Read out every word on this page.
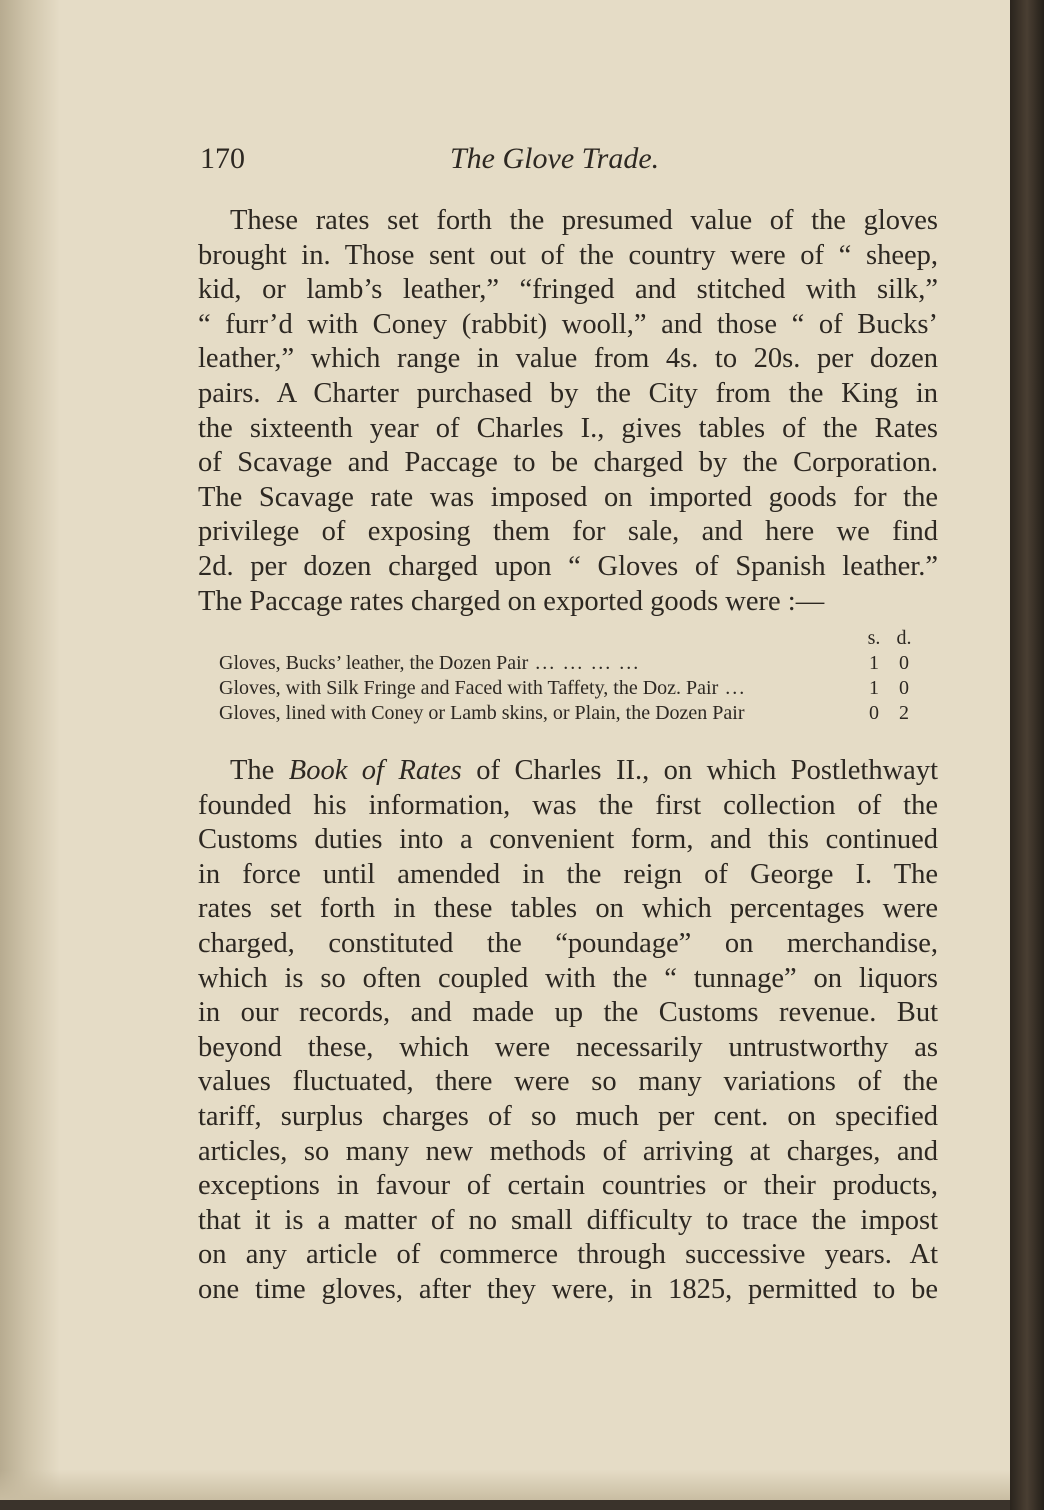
170	The Glove Trade.
These rates set forth the presumed value of the gloves
brought in. Those sent out of the country were of “ sheep,
kid, or lamb’s leather,” “fringed and stitched with silk,”
“ furr’d with Coney (rabbit) wooll,” and those “ of Bucks’
leather,” which range in value from 4s. to 20s. per dozen
pairs. A Charter purchased by the City from the King in
the sixteenth year of Charles I., gives tables of the Rates
of Scavage and Paccage to be charged by the Corporation.
The Scavage rate was imposed on imported goods for the
privilege of exposing them for sale, and here we find
2d. per dozen charged upon “ Gloves of Spanish leather.”
The Paccage rates charged on exported goods were :—
	s.	d.
Gloves, Bucks’ leather, the Dozen Pair ... ... ... ...	1	0
Gloves, with Silk Fringe and Faced with Taffety, the Doz. Pair ...	1	0
Gloves, lined with Coney or Lamb skins, or Plain, the Dozen Pair	0	2
The Book of Rates of Charles II., on which Postlethwayt
founded his information, was the first collection of the
Customs duties into a convenient form, and this continued
in force until amended in the reign of George I. The
rates set forth in these tables on which percentages were
charged, constituted the “poundage” on merchandise,
which is so often coupled with the “ tunnage” on liquors
in our records, and made up the Customs revenue. But
beyond these, which were necessarily untrustworthy as
values fluctuated, there were so many variations of the
tariff, surplus charges of so much per cent. on specified
articles, so many new methods of arriving at charges, and
exceptions in favour of certain countries or their products,
that it is a matter of no small difficulty to trace the impost
on any article of commerce through successive years. At
one time gloves, after they were, in 1825, permitted to be
